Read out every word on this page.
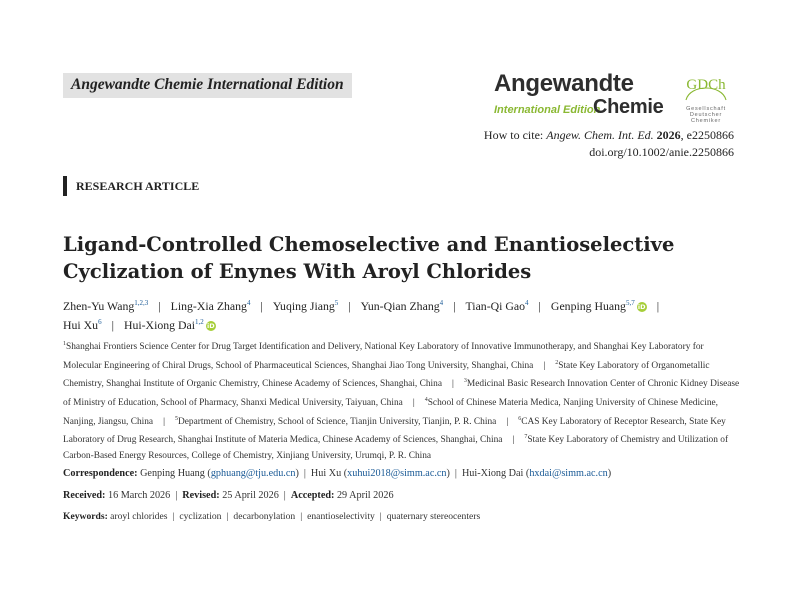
Angewandte Chemie International Edition	Angewandte
International Edition
Chemie
GDCh
Gesellschaft Deutscher
Chemiker
How to cite: Angew. Chem. Int. Ed. 2026, e2250866
doi.org/10.1002/anie.2250866
RESEARCH ARTICLE
Ligand-Controlled Chemoselective and Enantioselective
Cyclization of Enynes With Aroyl Chlorides
Zhen-Yu Wang$^{1,2,3}$ | Ling-Xia Zhang$^4$ | Yuqing Jiang$^5$ | Yun-Qian Zhang$^4$ | Tian-Qi Gao$^4$ | Genping Huang$^{5,7}$ iD |
Hui Xu$^6$ | Hui-Xiong Dai$^{1,2}$ iD
$^1$Shanghai Frontiers Science Center for Drug Target Identification and Delivery, National Key Laboratory of Innovative Immunotherapy, and Shanghai Key Laboratory for Molecular Engineering of Chiral Drugs, School of Pharmaceutical Sciences, Shanghai Jiao Tong University, Shanghai, China | $^2$State Key Laboratory of Organometallic Chemistry, Shanghai Institute of Organic Chemistry, Chinese Academy of Sciences, Shanghai, China | $^3$Medicinal Basic Research Innovation Center of Chronic Kidney Disease of Ministry of Education, School of Pharmacy, Shanxi Medical University, Taiyuan, China | $^4$School of Chinese Materia Medica, Nanjing University of Chinese Medicine, Nanjing, Jiangsu, China | $^5$Department of Chemistry, School of Science, Tianjin University, Tianjin, P. R. China | $^6$CAS Key Laboratory of Receptor Research, State Key Laboratory of Drug Research, Shanghai Institute of Materia Medica, Chinese Academy of Sciences, Shanghai, China | $^7$State Key Laboratory of Chemistry and Utilization of Carbon-Based Energy Resources, College of Chemistry, Xinjiang University, Urumqi, P. R. China
Correspondence: Genping Huang (gphuang@tju.edu.cn) | Hui Xu (xuhui2018@simm.ac.cn) | Hui-Xiong Dai (hxdai@simm.ac.cn)
Received: 16 March 2026 | Revised: 25 April 2026 | Accepted: 29 April 2026
Keywords: aroyl chlorides | cyclization | decarbonylation | enantioselectivity | quaternary stereocenters
